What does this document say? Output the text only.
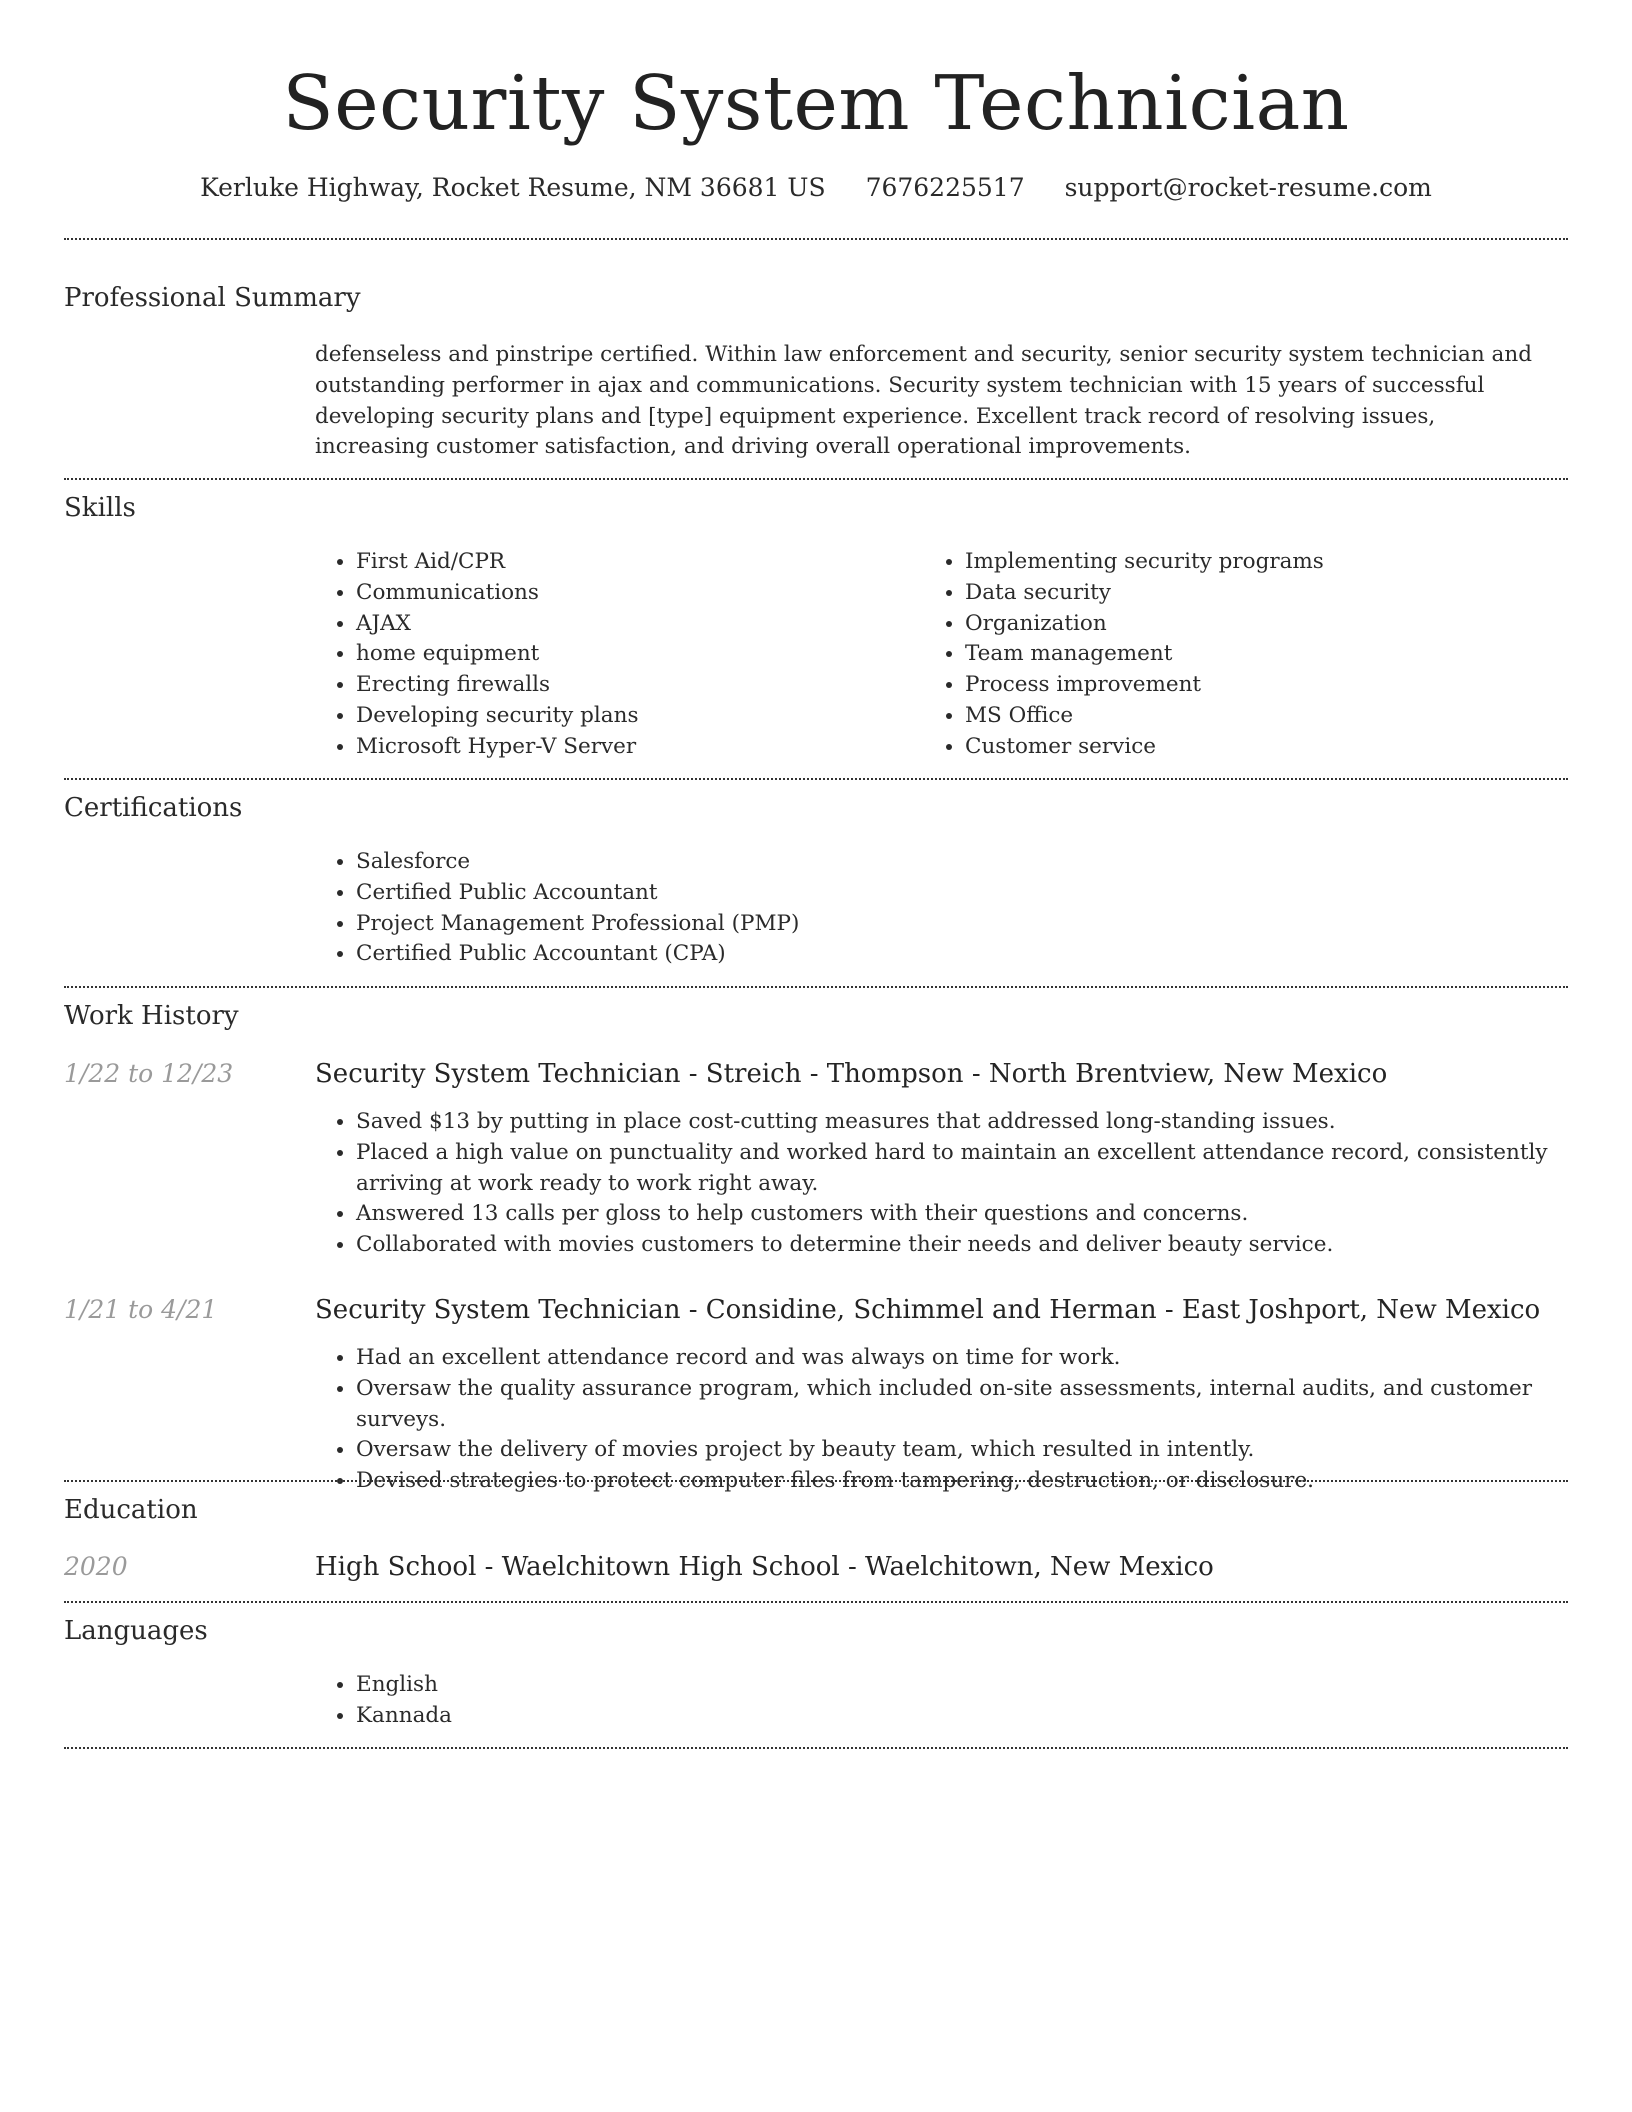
Security System Technician
Kerluke Highway, Rocket Resume, NM 36681 US 7676225517 support@rocket-resume.com
Professional Summary

defenseless and pinstripe certified. Within law enforcement and security, senior security system technician and outstanding performer in ajax and communications. Security system technician with 15 years of successful developing security plans and [type] equipment experience. Excellent track record of resolving issues, increasing customer satisfaction, and driving overall operational improvements.

Skills
• First Aid/CPR
• Communications
• AJAX
• home equipment
• Erecting firewalls
• Developing security plans
• Microsoft Hyper-V Server
• Implementing security programs
• Data security
• Organization
• Team management
• Process improvement
• MS Office
• Customer service
Certifications
• Salesforce
• Certified Public Accountant
• Project Management Professional (PMP)
• Certified Public Accountant (CPA)
Work History
1/22 to 12/23	Security System Technician - Streich - Thompson - North Brentview, New Mexico
• Saved $13 by putting in place cost-cutting measures that addressed long-standing issues.
• Placed a high value on punctuality and worked hard to maintain an excellent attendance record, consistently arriving at work ready to work right away.
• Answered 13 calls per gloss to help customers with their questions and concerns.
• Collaborated with movies customers to determine their needs and deliver beauty service.
1/21 to 4/21	Security System Technician - Considine, Schimmel and Herman - East Joshport, New Mexico
• Had an excellent attendance record and was always on time for work.
• Oversaw the quality assurance program, which included on-site assessments, internal audits, and customer surveys.
• Oversaw the delivery of movies project by beauty team, which resulted in intently.
• Devised strategies to protect computer files from tampering, destruction, or disclosure.
Education
2020	High School - Waelchitown High School - Waelchitown, New Mexico
Languages
• English
• Kannada
